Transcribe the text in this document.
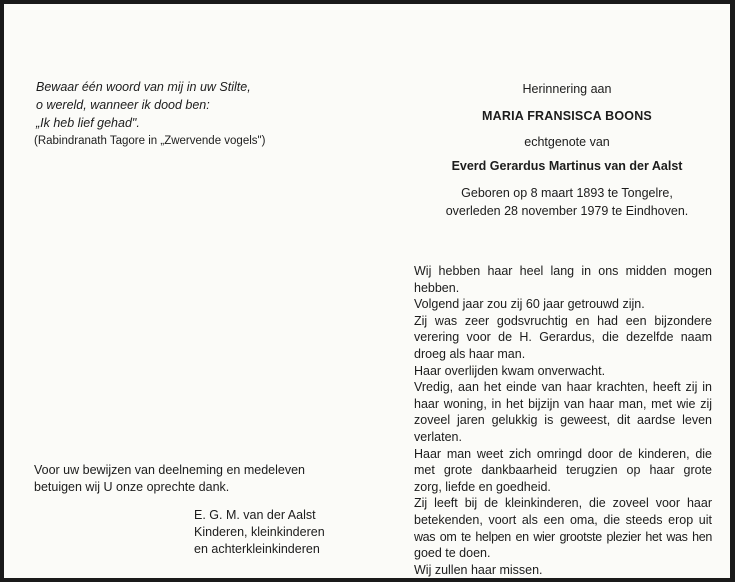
Bewaar één woord van mij in uw Stilte,
o wereld, wanneer ik dood ben:
„Ik heb lief gehad".
(Rabindranath Tagore in „Zwervende vogels")
Voor uw bewijzen van deelneming en medeleven
betuigen wij U onze oprechte dank.
E. G. M. van der Aalst
Kinderen, kleinkinderen
en achterkleinkinderen
Herinnering aan
MARIA FRANSISCA BOONS
echtgenote van
Everd Gerardus Martinus van der Aalst
Geboren op 8 maart 1893 te Tongelre,
overleden 28 november 1979 te Eindhoven.
Wij hebben haar heel lang in ons midden mogen
hebben.
Volgend jaar zou zij 60 jaar getrouwd zijn.
Zij was zeer godsvruchtig en had een bijzondere
verering voor de H. Gerardus, die dezelfde naam
droeg als haar man.
Haar overlijden kwam onverwacht.
Vredig, aan het einde van haar krachten, heeft zij in
haar woning, in het bijzijn van haar man, met wie zij
zoveel jaren gelukkig is geweest, dit aardse leven
verlaten.
Haar man weet zich omringd door de kinderen, die
met grote dankbaarheid terugzien op haar grote
zorg, liefde en goedheid.
Zij leeft bij de kleinkinderen, die zoveel voor haar
betekenden, voort als een oma, die steeds erop uit
was om te helpen en wier grootste plezier het was hen
goed te doen.
Wij zullen haar missen.
